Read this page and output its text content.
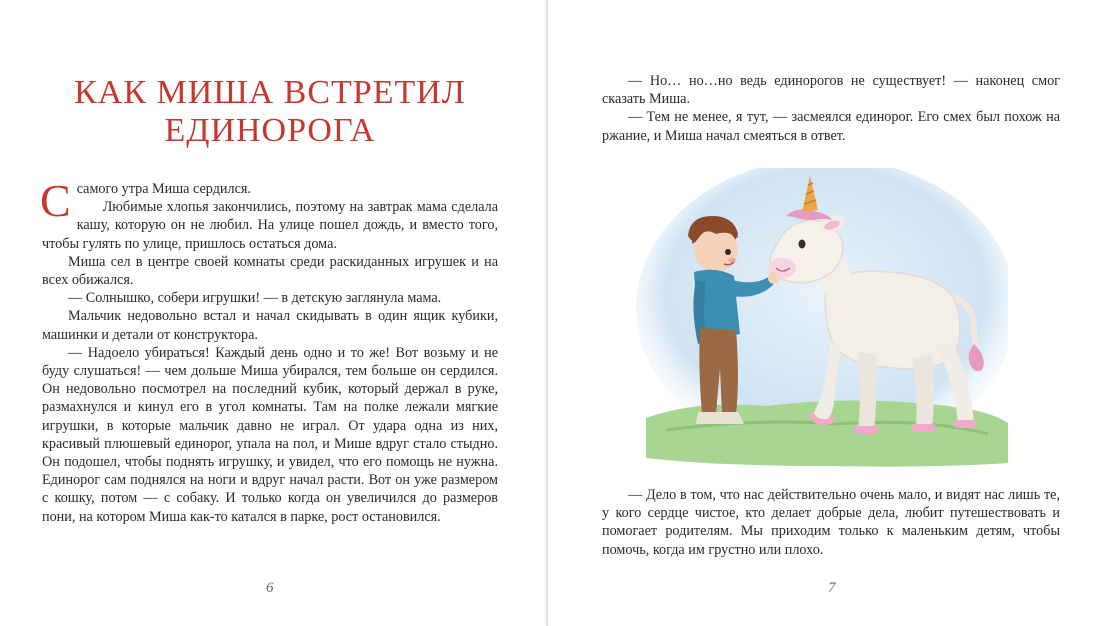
КАК МИША ВСТРЕТИЛ
ЕДИНОРОГА

Ссамого утра Миша сердился.

Любимые хлопья закончились, поэтому на завтрак мама сделала кашу, которую он не любил. На улице пошел дождь, и вместо того, чтобы гулять по улице, пришлось остаться дома.

Миша сел в центре своей комнаты среди раскиданных игрушек и на всех обижался.

— Солнышко, собери игрушки! — в детскую заглянула мама.

Мальчик недовольно встал и начал скидывать в один ящик кубики, машинки и детали от конструктора.

— Надоело убираться! Каждый день одно и то же! Вот возьму и не буду слушаться! — чем дольше Миша убирался, тем больше он сердился. Он недовольно посмотрел на последний кубик, который держал в руке, размахнулся и кинул его в угол комнаты. Там на полке лежали мягкие игрушки, в которые мальчик давно не играл. От удара одна из них, красивый плюшевый единорог, упала на пол, и Мише вдруг стало стыдно. Он подошел, чтобы поднять игрушку, и увидел, что его помощь не нужна. Единорог сам поднялся на ноги и вдруг начал расти. Вот он уже размером с кошку, потом — с собаку. И только когда он увеличился до размеров пони, на котором Миша как-то катался в парке, рост остановился.

6

— Но… но…но ведь единорогов не существует! — наконец смог сказать Миша.

— Тем не менее, я тут, — засмеялся единорог. Его смех был похож на ржание, и Миша начал смеяться в ответ.

— Дело в том, что нас действительно очень мало, и видят нас лишь те, у кого сердце чистое, кто делает добрые дела, любит путешествовать и помогает родителям. Мы приходим только к маленьким детям, чтобы помочь, когда им грустно или плохо.

7
